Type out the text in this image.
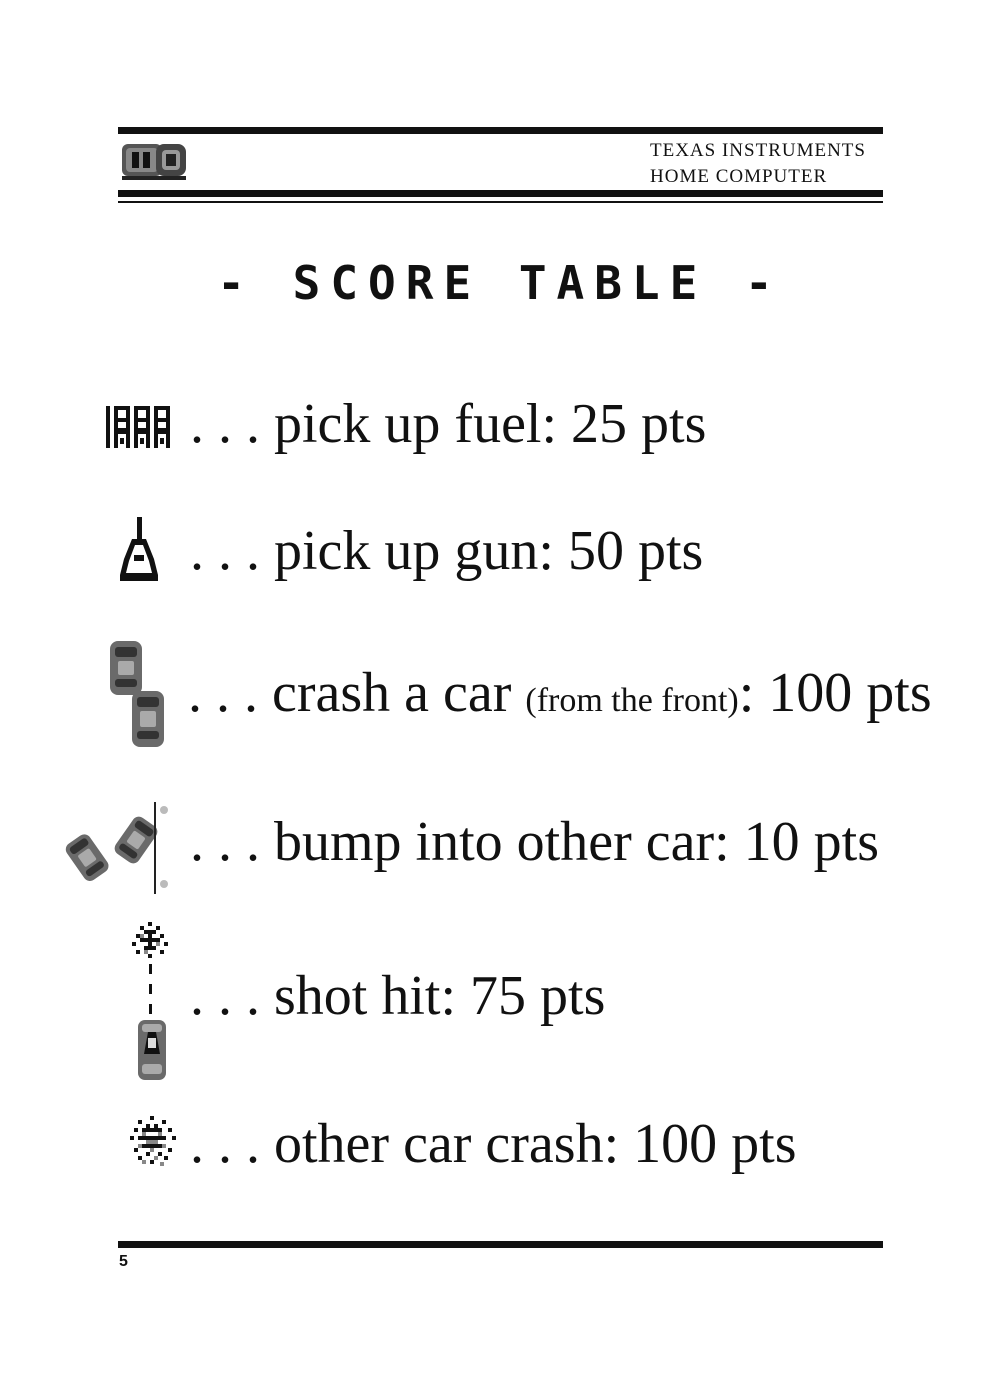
TEXAS INSTRUMENTS
HOME COMPUTER
- SCORE TABLE -
. . . pick up fuel: 25 pts
. . . pick up gun: 50 pts
. . . crash a car (from the front): 100 pts
. . . bump into other car: 10 pts
. . . shot hit: 75 pts
. . . other car crash: 100 pts
5
